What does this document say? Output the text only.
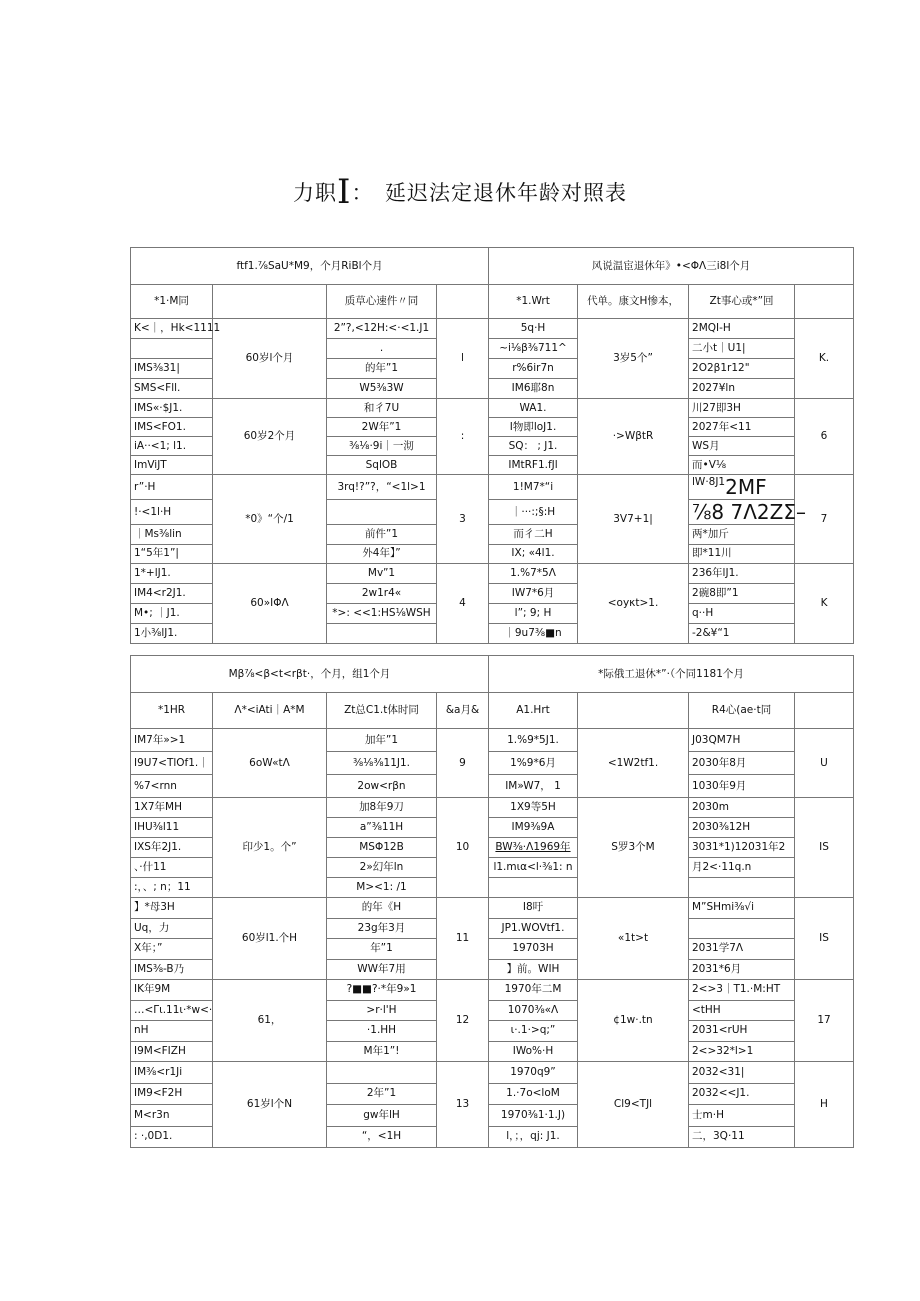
力职I：　延迟法定退休年龄对照表
ftf1.⅞SaU*M9，个月RiBl个月				风说温宦退休年》•<ΦΛ三i8l个月			
*1·M同		质草心速件〃同		*1.Wrt	代单。康文H惨本，	Zt事心或*”回	
K<｜，Hk<1111	60岁l个月	2”?,<12H:<·<1.J1	l	5q·H	3岁5个”	2MQI-H	K.
		.		~i⅛β⅜711^		二小t｜U1|	
IMS⅜31|		的年”1		r%6ir7n		2O2β1r12"	
SMS<Fll.		W5⅜3W		IM6耶8n		2027¥ln	
IMS«·$J1.	60岁2个月	和彳7U	:	WA1.	·>WβtR	川27即3H	6
IMS<FO1.		2W年”1		I物即loJ1.		2027年<11	
iA··<1; l1.		⅜⅛·9i｜一沏		SQ： ; J1.		WS月	
ImViJT		SqlOB		IMtRF1.fJl		而•V⅛	
r”·H	*0》“个/1	3rq!?”?，“<1l>1	3	1!M7*“i	3V7+1|	lW·8J1 2MF	7
!·<1l·H				｜···:;§:H		⅞8 7Λ2ZΣ–	

｜Ms⅜lin		前件”1		而彳二H		两*加斤	
1“5年1”|		外4年】”		IX; «4l1.		即*11川	
1*+lJ1.	60»IΦΛ	Mv”1	4	1.%7*5Λ	<oyκt>1.	236年lJ1.	K
IM4<r2J1.		2w1r4«		IW7*6月		2碗8即”1	
M•; ｜J1.		*>: <<1:HS⅛WSH		l”; 9; H		q··H	
1小⅜lJ1.				｜9u7⅜■n		-2&¥“1	
Mβ⅞<β<t<rβt·，个月，组1个月				*际俄工退休*”·（个同1181个月			
*1HR	Λ*<iAti｜A*M	Zt总C1.t体时同	&a月&	A1.Hrt		R4心(ae·t同	
IM7年»>1	6oW«tΛ	加年”1	9	1.%9*5J1.	<1W2tf1.	J03QM7H	U
I9U7<TlOf1.｜		⅜⅛⅜11J1.		1%9*6月		2030年8月	
%7<rnn		2ow<rβn		IM»W7， 1		1030年9月	
1X7年MH	印少1。个”	加8年9刀	10	1X9等5H	S罗3个M	2030m	IS
IHU⅜l11		a”⅜11H		IM9⅜9A		2030⅜12H	
IXS年2J1.		MSΦ12B		BW⅜·Λ1969年		3031*1)12031年2	
、·什11		2»幻年ln		l1.mια<l·⅜1: n		月2<·11q.n	
:，、; n；11		M><1: /1					
】*母3H	60岁l1.个H	的年《H	11	I8吁	«1t>t	M”SHmi⅜√i	IS
Uq，力		23g年3月		JP1.WOVtf1.			
X年；”		年”1		19703H		2031学7Λ	
IMS⅜-B乃		WW年7用		】前。WIH		2031*6月	
IK年9M	61，	?■■?·*年9»1	12	1970年二M	¢1w·.tn	2<>3｜T1.·M:HT	17
…<Γι.11ι·*w<·		>r·l'H		1070⅜«Λ		<tHH	
nH		·1.HH		ι·.1·>q;”		2031<rUH	
I9M<FIZH		M年1”!		IWo%·H		2<>32*l>1	
IM⅜<r1Ji	61岁l个N		13	1970q9”	Cl9<TJl	2032<31|	H
IM9<F2H		2年”1		1.·7o<loM		2032<<J1.	
M<r3n		gw年lH		1970⅜1·1.J)		士m·H	
: ·,0D1.		“，<1H		l，；，qj: J1.		二，3Q·11	
